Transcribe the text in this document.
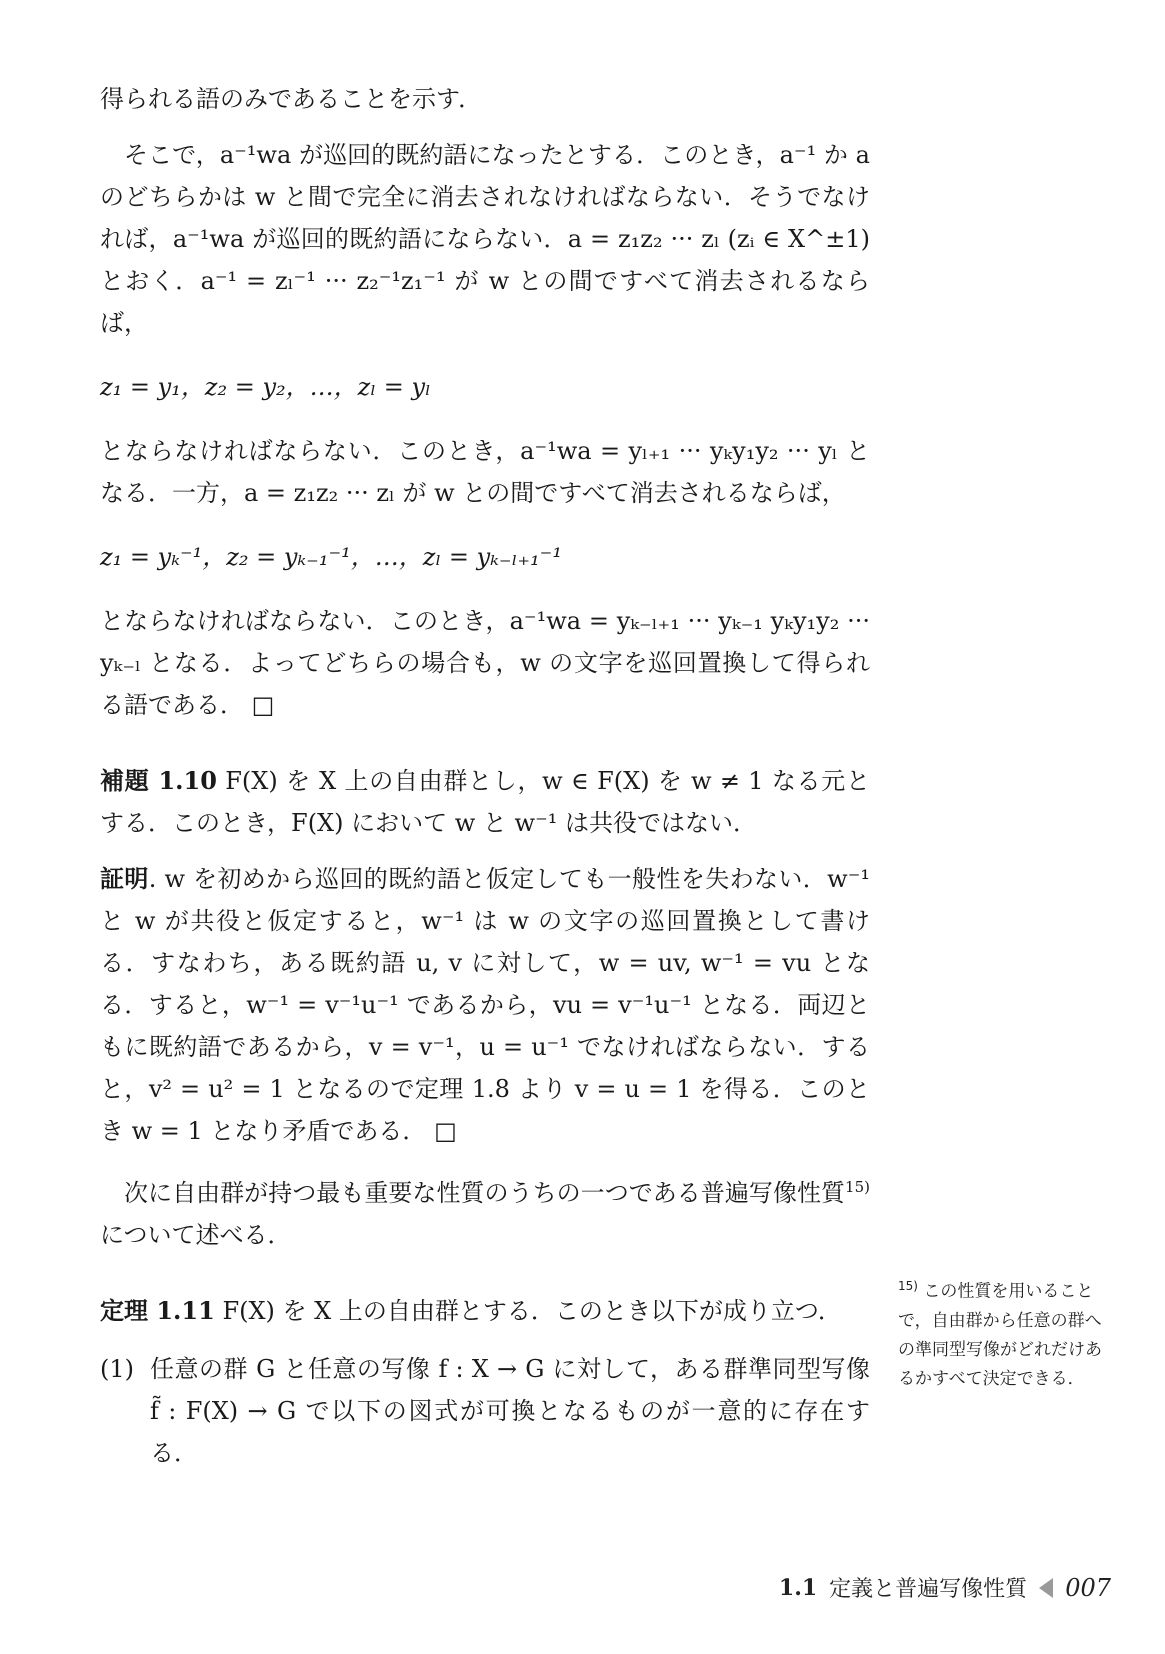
得られる語のみであることを示す．

そこで，a⁻¹wa が巡回的既約語になったとする．このとき，a⁻¹ か a のどちらかは w と間で完全に消去されなければならない．そうでなければ，a⁻¹wa が巡回的既約語にならない．a = z₁z₂ ··· zₗ (zᵢ ∈ X^±1) とおく．a⁻¹ = zₗ⁻¹ ··· z₂⁻¹z₁⁻¹ が w との間ですべて消去されるならば，

z₁ = y₁，z₂ = y₂，…，zₗ = yₗ

とならなければならない．このとき，a⁻¹wa = yₗ₊₁ ··· yₖy₁y₂ ··· yₗ となる．一方，a = z₁z₂ ··· zₗ が w との間ですべて消去されるならば，

z₁ = yₖ⁻¹，z₂ = yₖ₋₁⁻¹，…，zₗ = yₖ₋ₗ₊₁⁻¹

とならなければならない．このとき，a⁻¹wa = yₖ₋ₗ₊₁ ··· yₖ₋₁ yₖy₁y₂ ··· yₖ₋ₗ となる．よってどちらの場合も，w の文字を巡回置換して得られる語である． □

補題 1.10 F(X) を X 上の自由群とし，w ∈ F(X) を w ≠ 1 なる元とする．このとき，F(X) において w と w⁻¹ は共役ではない．

証明. w を初めから巡回的既約語と仮定しても一般性を失わない．w⁻¹ と w が共役と仮定すると，w⁻¹ は w の文字の巡回置換として書ける．すなわち，ある既約語 u, v に対して，w = uv, w⁻¹ = vu となる．すると，w⁻¹ = v⁻¹u⁻¹ であるから，vu = v⁻¹u⁻¹ となる．両辺ともに既約語であるから，v = v⁻¹，u = u⁻¹ でなければならない．すると，v² = u² = 1 となるので定理 1.8 より v = u = 1 を得る．このとき w = 1 となり矛盾である． □

次に自由群が持つ最も重要な性質のうちの一つである普遍写像性質$^{15)}$ について述べる．

定理 1.11 F(X) を X 上の自由群とする．このとき以下が成り立つ．

(1) 任意の群 G と任意の写像 f : X → G に対して，ある群準同型写像 f̃ : F(X) → G で以下の図式が可換となるものが一意的に存在する．
$^{15)}$ この性質を用いることで，自由群から任意の群への準同型写像がどれだけあるかすべて決定できる．
1.1 定義と普遍写像性質 007
